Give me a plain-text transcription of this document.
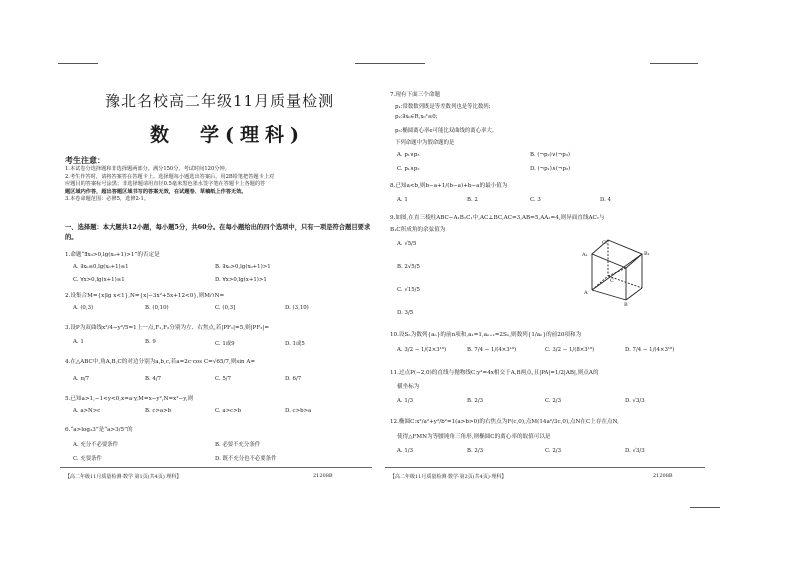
豫北名校高二年级11月质量检测
数　学(理科)
考生注意：
1.本试卷分选择题和非选择题两部分。满分150分，考试时间120分钟。
2.考生作答时，请将答案答在答题卡上。选择题每小题选出答案后，用2B铅笔把答题卡上对
应题目的答案标号涂黑；非选择题请用直径0.5毫米黑色墨水签字笔在答题卡上各题的答
题区域内作答，超出答题区域书写的答案无效，在试题卷、草稿纸上作答无效。
3.本卷命题范围：必修5，选修2-1。
一、选择题：本大题共12小题，每小题5分，共60分。在每小题给出的四个选项中，只有一项是符合题目要求的。
1.命题“∃x₀>0,lg(x₀+1)>1”的否定是
A. ∃x₀≤0,lg(x₀+1)≤1	B. ∃x₀>0,lg(x₀+1)>1
C. ∀x>0,lg(x+1)≤1	D. ∀x>0,lg(x+1)>1
2.设集合M={x|lg x<1},N={x|−3x²+5x+12<0},则M∩N=
A. (0,3)	B. (0,10)	C. (0,3]	D. (3,10)
3.设P为双曲线x²/4−y²/5=1上一点,F₁,F₂分别为左、右焦点,若|PF₁|=5,则|PF₂|=
A. 1	B. 9	C. 1或9	D. 1或5
4.在△ABC中,角A,B,C的对边分别为a,b,c,若a=2c·cos C=√65/7,则sin A=
A. π/7	B. 4/7	C. 5/7	D. 6/7
5.已知a>1,−1<y<0,x=a·y,M=x−y²,N=x²−y,则
A. a>N>c	B. c>a>b	C. a>c>b	D. c>b>a
6.“a>log₂3”是“a>3/5”的
A. 充分不必要条件	B. 必要不充分条件
C. 充要条件	D. 既不充分也不必要条件
【高二年级11月质量检测·数学 第1页(共4页) 理科】	21208B
7.现有下面三个命题
p₁:常数数列既是等差数列也是等比数列;
p₂:∃x₀∈R,x₀²≤0;
p₃:椭圆离心率e可能比双曲线的离心率大。
下列命题中为假命题的是
A. p₁∨p₃	B. (¬p₂)∨(¬p₃)
C. p₁∧p₂	D. (¬p₁)∧(¬p₃)
8.已知a<b,则b−a+1/(b−a)+b−a的最小值为
A. 1	B. 2	C. 3	D. 4
9.如图,在直三棱柱ABC−A₁B₁C₁中,AC⊥BC,AC=3,AB=5,AA₁=4,则异面直线AC₁与
B₁C所成角的余弦值为
A. √5/5
B. 2√5/5
C. √15/5
D. 3/5
C₁
B₁
A₁
C
A
B
10.设Sₙ为数列{aₙ}的前n项和,a₁=1,aₙ₊₁=2Sₙ,则数列{1/aₙ}的前20项和为
A. 3/2 − 1/(2×3¹⁹)	B. 7/4 − 1/(4×3¹⁹)	C. 3/2 − 1/(8×3¹⁸)	D. 7/4 − 1/(4×3¹⁸)
11.过点P(−2,0)的直线与抛物线C:y²=4x相交于A,B两点,且|PA|=1/2|AB|,则点A的
横坐标为
A. 1/3	B. 2/3	C. 2/3	D. √3/3
12.椭圆C:x²/a²+y²/b²=1(a>b>0)的右焦点为F(c,0),点M(14a²/3c,0),点N在C上存在点N,
使得△FMN为等腰钝角三角形,则椭圆C的离心率的取值可以是
A. 1/3	B. 2/3	C. 2/3	D. √3/3
【高二年级11月质量检测·数学·第2页(共4页)·理科】	21208B
